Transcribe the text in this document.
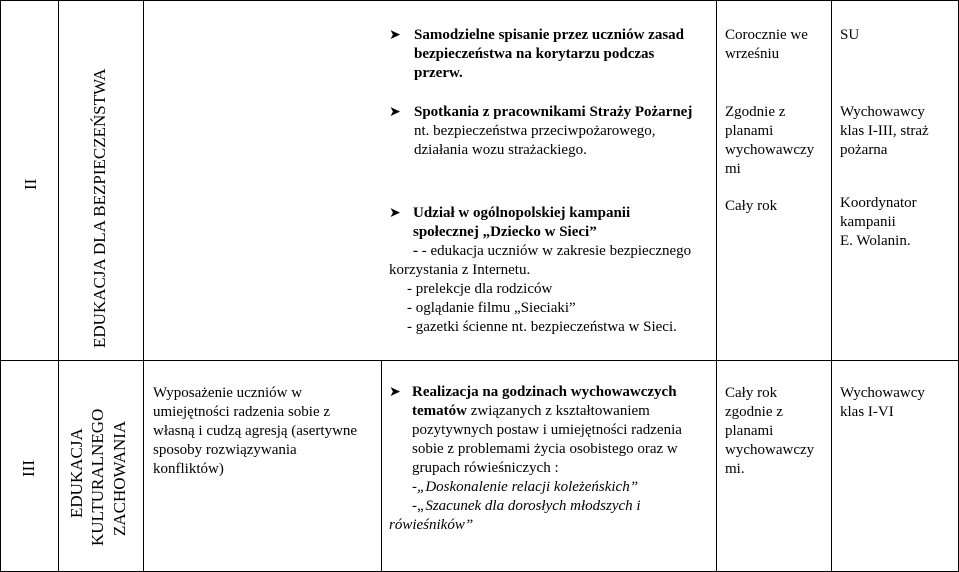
II	EDUKACJA DLA BEZPIECZEŃSTWA
➤ Samodzielne spisanie przez uczniów zasad
bezpieczeństwa na korytarzu podczas
przerw.
➤ Spotkania z pracownikami Straży Pożarnej
nt. bezpieczeństwa przeciwpożarowego,
działania wozu strażackiego.
➤ Udział w ogólnopolskiej kampanii
społecznej „Dziecko w Sieci”
- - edukacja uczniów w zakresie bezpiecznego
korzystania z Internetu.
- prelekcje dla rodziców
- oglądanie filmu „Sieciaki”
- gazetki ścienne nt. bezpieczeństwa w Sieci.
Corocznie we
wrześniu
Zgodnie z
planami
wychowawczy
mi
Cały rok
SU
Wychowawcy
klas I-III, straż
pożarna
Koordynator
kampanii
E. Wolanin.
III EDUKACJA KULTURALNEGO ZACHOWANIA
Wyposażenie uczniów w
umiejętności radzenia sobie z
własną i cudzą agresją (asertywne
sposoby rozwiązywania
konfliktów)
➤ Realizacja na godzinach wychowawczych
tematów związanych z kształtowaniem
pozytywnych postaw i umiejętności radzenia
sobie z problemami życia osobistego oraz w
grupach rówieśniczych :
-„Doskonalenie relacji koleżeńskich”
-„Szacunek dla dorosłych młodszych i
rówieśników”
Cały rok
zgodnie z
planami
wychowawczy
mi.
Wychowawcy
klas I-VI
